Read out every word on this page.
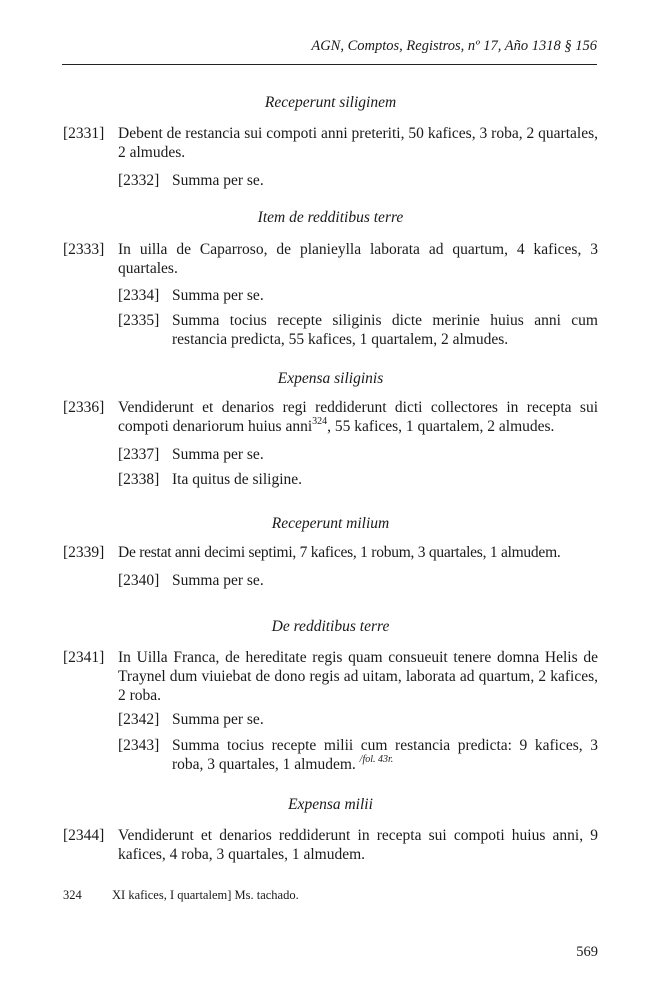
AGN, Comptos, Registros, nº 17, Año 1318 § 156
Receperunt siliginem
[2331] Debent de restancia sui compoti anni preteriti, 50 kafices, 3 roba, 2 quartales, 2 almudes.
[2332] Summa per se.
Item de redditibus terre
[2333] In uilla de Caparroso, de planieylla laborata ad quartum, 4 kafices, 3 quartales.
[2334] Summa per se.
[2335] Summa tocius recepte siliginis dicte merinie huius anni cum restancia predicta, 55 kafices, 1 quartalem, 2 almudes.
Expensa siliginis
[2336] Vendiderunt et denarios regi reddiderunt dicti collectores in recepta sui compoti denariorum huius anni$^{324}$, 55 kafices, 1 quartalem, 2 almudes.
[2337] Summa per se.
[2338] Ita quitus de siligine.
Receperunt milium
[2339] De restat anni decimi septimi, 7 kafices, 1 robum, 3 quartales, 1 almudem.
[2340] Summa per se.
De redditibus terre
[2341] In Uilla Franca, de hereditate regis quam consueuit tenere domna Helis de Traynel dum viuiebat de dono regis ad uitam, laborata ad quartum, 2 kafices, 2 roba.
[2342] Summa per se.
[2343] Summa tocius recepte milii cum restancia predicta: 9 kafices, 3 roba, 3 quartales, 1 almudem. $^{/fol. 43r.}$
Expensa milii
[2344] Vendiderunt et denarios reddiderunt in recepta sui compoti huius anni, 9 kafices, 4 roba, 3 quartales, 1 almudem.
324 XI kafices, I quartalem] Ms. tachado.
569
